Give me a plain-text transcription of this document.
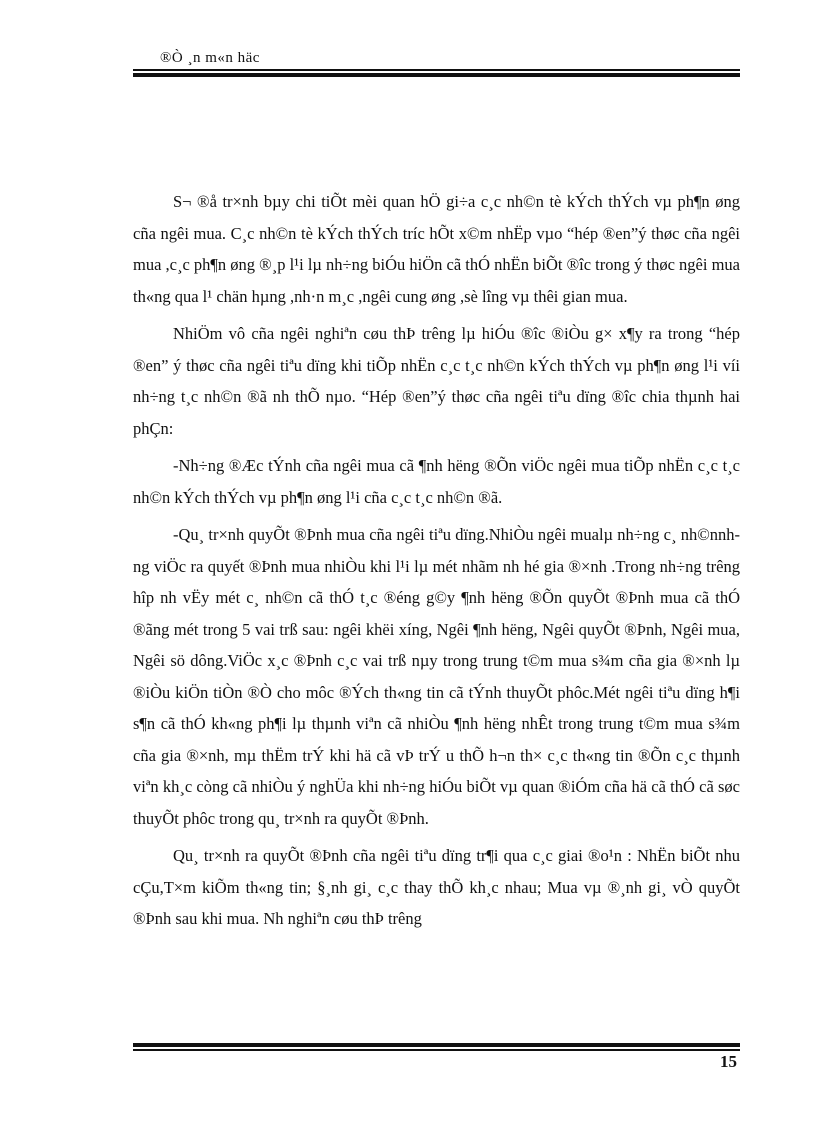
®Ò ¸n m«n häc

S¬ ®å tr×nh bµy chi tiÕt mèi quan hÖ gi÷a c¸c nh©n tè kÝch thÝch vµ ph¶n øng cña ngêi mua. C¸c nh©n tè kÝch thÝch tríc hÕt x©m nhËp vµo “hép ®en”ý thøc cña ngêi mua ,c¸c ph¶n øng ®¸p l¹i lµ nh÷ng biÓu hiÖn cã thÓ nhËn biÕt ®îc trong ý thøc ngêi mua th«ng qua l¹ chän hµng ,nh·n m¸c ,ngêi cung øng ,sè lîng vµ thêi gian mua.

NhiÖm vô cña ngêi nghiªn cøu thÞ trêng lµ hiÓu ®îc ®iÒu g× x¶y ra trong “hép ®en” ý thøc cña ngêi tiªu dïng khi tiÕp nhËn c¸c t¸c nh©n kÝch thÝch vµ ph¶n øng l¹i víi nh÷ng t¸c nh©n ®ã nh thÕ nµo. “Hép ®en”ý thøc cña ngêi tiªu dïng ®îc chia thµnh hai phÇn:

-Nh÷ng ®Æc tÝnh cña ngêi mua cã ¶nh hëng ®Õn viÖc ngêi mua tiÕp nhËn c¸c t¸c nh©n kÝch thÝch vµ ph¶n øng l¹i cña c¸c t¸c nh©n ®ã.

-Qu¸ tr×nh quyÕt ®Þnh mua cña ngêi tiªu dïng.NhiÒu ngêi mualµ nh÷ng c¸ nh©nnhng viÖc ra quyết ®Þnh mua nhiÒu khi l¹i lµ mét nhãm nh hé gia ®×nh .Trong nh÷ng trêng hîp nh vËy mét c¸ nh©n cã thÓ t¸c ®éng g©y ¶nh hëng ®Õn quyÕt ®Þnh mua cã thÓ ®ãng mét trong 5 vai trß sau: ngêi khëi xíng, Ngêi ¶nh hëng, Ngêi quyÕt ®Þnh, Ngêi mua, Ngêi sö dông.ViÖc x¸c ®Þnh c¸c vai trß nµy trong trung t©m mua s¾m cña gia ®×nh lµ ®iÒu kiÖn tiÒn ®Ò cho môc ®Ých th«ng tin cã tÝnh thuyÕt phôc.Mét ngêi tiªu dïng h¶i s¶n cã thÓ kh«ng ph¶i lµ thµnh viªn cã nhiÒu ¶nh hëng nhÊt trong trung t©m mua s¾m cña gia ®×nh, mµ thËm trÝ khi hä cã vÞ trÝ u thÕ h¬n th× c¸c th«ng tin ®Õn c¸c thµnh viªn kh¸c còng cã nhiÒu ý nghÜa khi nh÷ng hiÓu biÕt vµ quan ®iÓm cña hä cã thÓ cã søc thuyÕt phôc trong qu¸ tr×nh ra quyÕt ®Þnh.

Qu¸ tr×nh ra quyÕt ®Þnh cña ngêi tiªu dïng tr¶i qua c¸c giai ®o¹n : NhËn biÕt nhu cÇu,T×m kiÕm th«ng tin; §¸nh gi¸ c¸c thay thÕ kh¸c nhau; Mua vµ ®¸nh gi¸ vÒ quyÕt ®Þnh sau khi mua. Nh nghiªn cøu thÞ trêng

15
